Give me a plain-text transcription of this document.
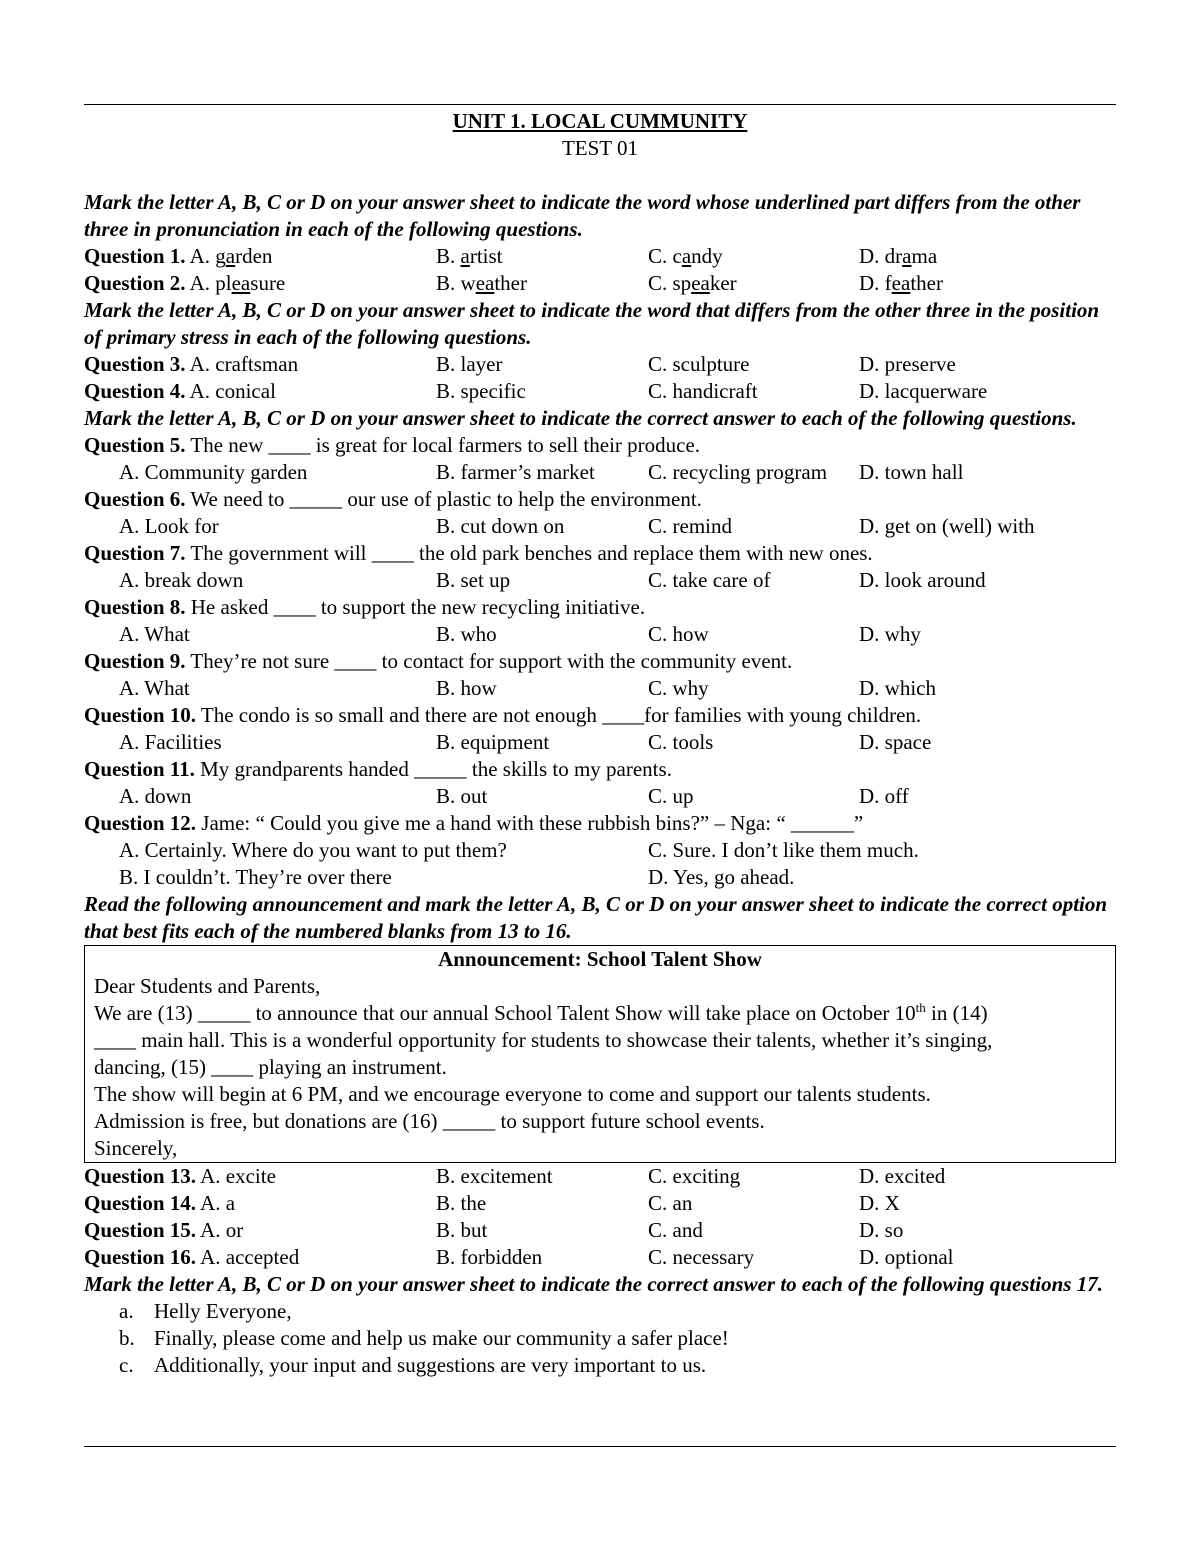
UNIT 1. LOCAL CUMMUNITY
TEST 01
Mark the letter A, B, C or D on your answer sheet to indicate the word whose underlined part differs from the other three in pronunciation in each of the following questions.
Question 1. A. garden	B. artist	C. candy	D. drama
Question 2. A. pleasure	B. weather	C. speaker	D. feather
Mark the letter A, B, C or D on your answer sheet to indicate the word that differs from the other three in the position of primary stress in each of the following questions.
Question 3. A. craftsman	B. layer	C. sculpture	D. preserve
Question 4. A. conical	B. specific	C. handicraft	D. lacquerware
Mark the letter A, B, C or D on your answer sheet to indicate the correct answer to each of the following questions.
Question 5. The new ____ is great for local farmers to sell their produce.
A. Community garden	B. farmer’s market	C. recycling program D. town hall
Question 6. We need to _____ our use of plastic to help the environment.
A. Look for	B. cut down on	C. remind	D. get on (well) with
Question 7. The government will ____ the old park benches and replace them with new ones.
A. break down	B. set up	C. take care of	D. look around
Question 8. He asked ____ to support the new recycling initiative.
A. What	B. who	C. how	D. why
Question 9. They’re not sure ____ to contact for support with the community event.
A. What	B. how	C. why	D. which
Question 10. The condo is so small and there are not enough ____for families with young children.
A. Facilities	B. equipment	C. tools	D. space
Question 11. My grandparents handed _____ the skills to my parents.
A. down	B. out	C. up	D. off
Question 12. Jame: “ Could you give me a hand with these rubbish bins?” – Nga: “ ______”
A. Certainly. Where do you want to put them?	C. Sure. I don’t like them much.
B. I couldn’t. They’re over there	D. Yes, go ahead.
Read the following announcement and mark the letter A, B, C or D on your answer sheet to indicate the correct option that best fits each of the numbered blanks from 13 to 16.
Announcement: School Talent Show

Dear Students and Parents,

We are (13) _____ to announce that our annual School Talent Show will take place on October 10th in (14)

____ main hall. This is a wonderful opportunity for students to showcase their talents, whether it’s singing,

dancing, (15) ____ playing an instrument.

The show will begin at 6 PM, and we encourage everyone to come and support our talents students.

Admission is free, but donations are (16) _____ to support future school events.

Sincerely,

Question 13. A. excite	B. excitement	C. exciting	D. excited
Question 14. A. a	B. the	C. an	D. X
Question 15. A. or	B. but	C. and	D. so
Question 16. A. accepted	B. forbidden	C. necessary	D. optional
Mark the letter A, B, C or D on your answer sheet to indicate the correct answer to each of the following questions 17.
a. Helly Everyone,
b. Finally, please come and help us make our community a safer place!
c. Additionally, your input and suggestions are very important to us.
